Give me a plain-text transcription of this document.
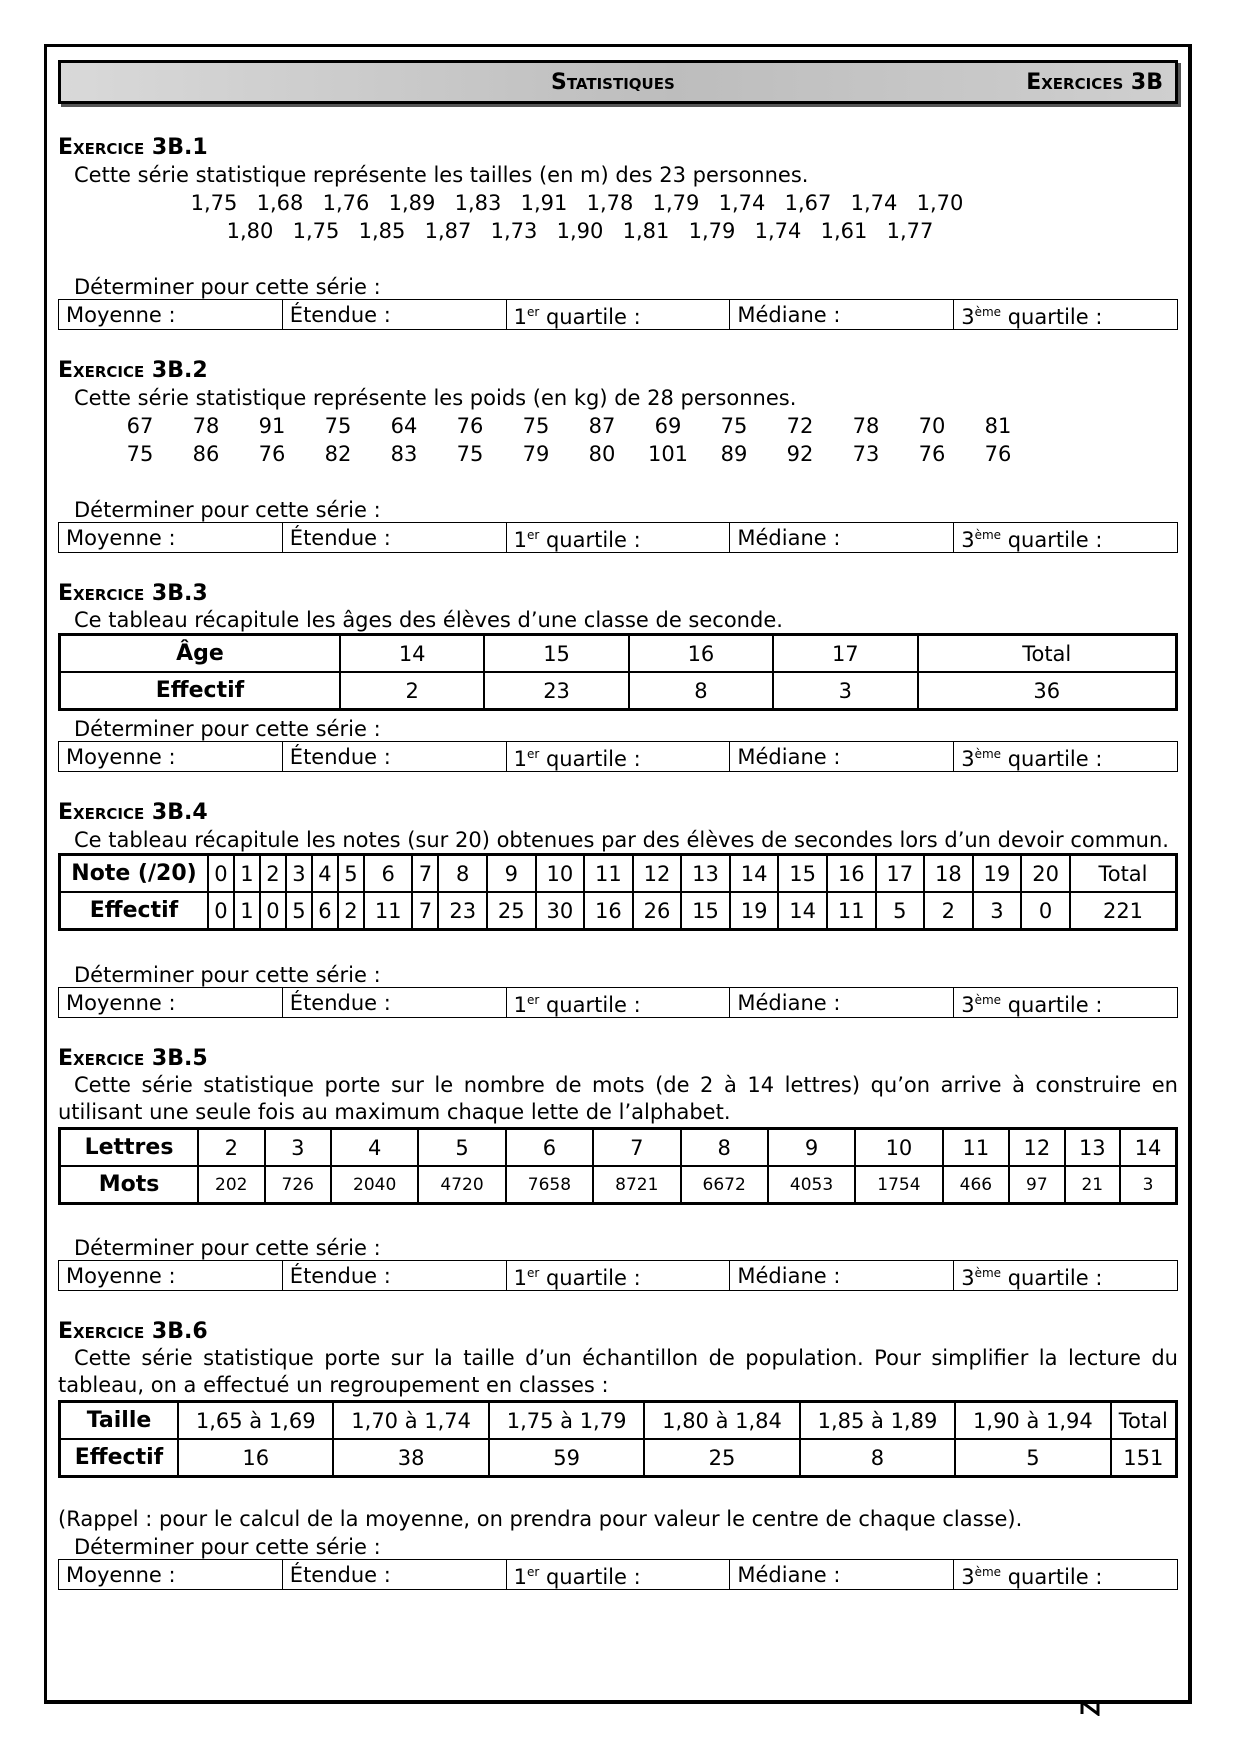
Statistiques	Exercices 3B
Exercice 3B.1
Cette série statistique représente les tailles (en m) des 23 personnes.
1,75 1,68 1,76 1,89 1,83 1,91 1,78 1,79 1,74 1,67 1,74 1,70
1,80 1,75 1,85 1,87 1,73 1,90 1,81 1,79 1,74 1,61 1,77
Déterminer pour cette série :
Moyenne :	Étendue :	1er quartile :	Médiane :	3ème quartile :
Exercice 3B.2
Cette série statistique représente les poids (en kg) de 28 personnes.
67	78	91	75	64	76	75	87	69	75	72	78	70	81
75	86	76	82	83	75	79	80	101	89	92	73	76	76
Déterminer pour cette série :
Moyenne :	Étendue :	1er quartile :	Médiane :	3ème quartile :
Exercice 3B.3
Ce tableau récapitule les âges des élèves d’une classe de seconde.
Âge	14	15	16	17	Total
Effectif	2	23	8	3	36
Déterminer pour cette série :
Moyenne :	Étendue :	1er quartile :	Médiane :	3ème quartile :
Exercice 3B.4
Ce tableau récapitule les notes (sur 20) obtenues par des élèves de secondes lors d’un devoir commun.
Note (/20)	0	1	2	3	4	5	6	7	8	9	10	11	12	13	14	15	16	17	18	19	20	Total
Effectif	0	1	0	5	6	2	11	7	23	25	30	16	26	15	19	14	11	5	2	3	0	221
Déterminer pour cette série :
Moyenne :	Étendue :	1er quartile :	Médiane :	3ème quartile :
Exercice 3B.5
Cette série statistique porte sur le nombre de mots (de 2 à 14 lettres) qu’on arrive à construire en utilisant une seule fois au maximum chaque lette de l’alphabet.
Lettres	2	3	4	5	6	7	8	9	10	11	12	13	14
Mots	202	726	2040	4720	7658	8721	6672	4053	1754	466	97	21	3
Déterminer pour cette série :
Moyenne :	Étendue :	1er quartile :	Médiane :	3ème quartile :
Exercice 3B.6
Cette série statistique porte sur la taille d’un échantillon de population. Pour simplifier la lecture du tableau, on a effectué un regroupement en classes :
Taille	1,65 à 1,69	1,70 à 1,74	1,75 à 1,79	1,80 à 1,84	1,85 à 1,89	1,90 à 1,94	Total
Effectif	16	38	59	25	8	5	151
(Rappel : pour le calcul de la moyenne, on prendra pour valeur le centre de chaque classe).
Déterminer pour cette série :
Moyenne :	Étendue :	1er quartile :	Médiane :	3ème quartile :
